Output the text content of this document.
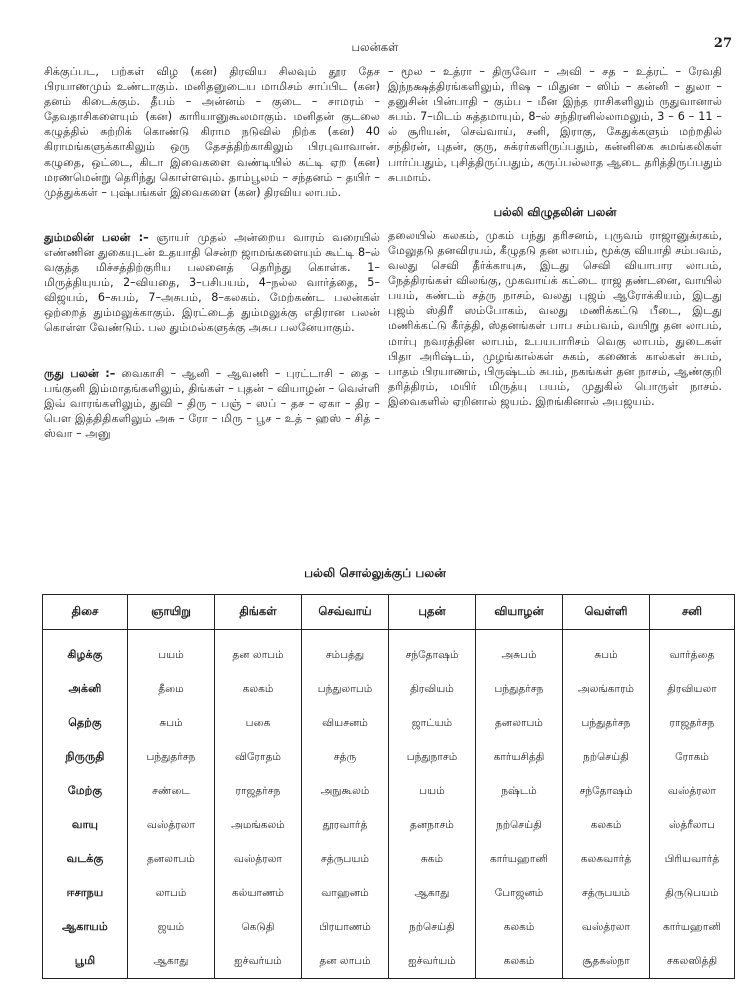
பலன்கள்	27

சிக்குப்பட, பற்கள் விழ (கன) திரவிய சிலவும் தூர தேச பிரயாணமும் உண்டாகும். மனிதனுடைய மாமிசம் சாப்பிட (கன) தனம் கிடைக்கும். தீபம் – அன்னம் – குடை – சாமரம் – தேவதாசிகளையும் (கன) காரியானுகூலமாகும். மனிதன் குடலை கழுத்தில் சுற்றிக் கொண்டு கிராம நடுவில் நிற்க (கன) 40 கிராமங்களுக்காகிலும் ஒரு தேசத்திற்காகிலும் பிரபுவாவான். கழுதை, ஒட்டை, கிடா இவைகளை வண்டியில் கட்டி ஏற (கன) மரணமென்று தெரிந்து கொள்ளவும். தாம்பூலம் – சந்தனம் – தயிர் – முத்துக்கள் – புஷ்பங்கள் இவைகளை (கன) திரவிய லாபம்.

தும்மலின் பலன் :– ஞாயர் முதல் அன்றைய வாரம் வரையில் எண்ணின துகையுடன் உதயாதி சென்ற ஜாமங்களையும் கூட்டி 8–ல் வகுத்த மிச்சத்திற்குரிய பலனைத் தெரிந்து கொள்க. 1–மிருத்தியுயம், 2–வியதை, 3–பசிபயம், 4–நல்ல வார்த்தை, 5–விஜயம், 6–சுபம், 7–அசுபம், 8–கலகம். மேற்கண்ட பலன்கள் ஒற்றைத் தும்மலுக்காகும். இரட்டைத் தும்மலுக்கு எதிரான பலன் கொள்ள வேண்டும். பல தும்மல்களுக்கு அசுப பலனேயாகும்.

ருது பலன் :– வைகாசி – ஆனி – ஆவணி – புரட்டாசி – தை – பங்குனி இம்மாதங்களிலும், திங்கள் – புதன் – வியாழன் – வெள்ளி இவ் வாரங்களிலும், துவி – திரு – பஞ் – ஸப் – தச – ஏகா – திர – பௌ இத்திதிகளிலும் அசு – ரோ – மிரு – பூச – உத் – ஹஸ் – சித் – ஸ்வா – அனு

– மூல – உத்ரா – திருவோ – அவி – சத – உத்ரட் – ரேவதி இந்நக்ஷத்திரங்களிலும், ரிஷ – மிதுன – ஸிம் – கன்னி – துலா – தனுசின் பின்பாதி – கும்ப – மீன இந்த ராசிகளிலும் ருதுவானால் சுபம். 7–மிடம் சுத்தமாயும், 8–ல் சந்திரனில்லாமலும், 3 – 6 – 11 –ல் சூரியன், செவ்வாய், சனி, இராகு, கேதுக்களும் மற்றதில் சந்திரன், புதன், குரு, சுக்ரர்களிருப்பதும், கன்னிகை சுமங்கலிகள் பார்ப்பதும், புசித்திருப்பதும், கருப்பல்லாத ஆடை தரித்திருப்பதும் சுபமாம்.

பல்லி விழுதலின் பலன்

தலையில் கலகம், முகம் பந்து தரிசனம், புருவம் ராஜானுக்ரகம், மேலுதடு தனவிரயம், கீழுதடு தன லாபம், மூக்கு வியாதி சம்பவம், வலது செவி தீர்க்காயுசு, இடது செவி வியாபார லாபம், நேத்திரங்கள் விலங்கு, முகவாய்க் கட்டை ராஜ தண்டனை, வாயில் பயம், கண்டம் சத்ரு நாசம், வலது புஜம் ஆரோக்கியம், இடது புஜம் ஸ்திரீ ஸம்போகம், வலது மணிக்கட்டு பீடை, இடது மணிக்கட்டு கீர்த்தி, ஸ்தனங்கள் பாப சம்பவம், வயிறு தன லாபம், மார்பு நவரத்தின லாபம், உபயபாரிசம் வெகு லாபம், துடைகள் பிதா அரிஷ்டம், முழங்கால்கள் சுகம், கணைக் கால்கள் சுபம், பாதம் பிரயாணம், பிருஷ்டம் சுபம், நகங்கள் தன நாசம், ஆண்குறி தரித்திரம், மயிர் மிருத்யு பயம், முதுகில் பொருள் நாசம். இவைகளில் ஏறினால் ஜயம். இறங்கினால் அபஜயம்.

பல்லி சொல்லுக்குப் பலன்
திசை	ஞாயிறு	திங்கள்	செவ்வாய்	புதன்	வியாழன்	வெள்ளி	சனி
கிழக்கு	பயம்	தன லாபம்	சம்பத்து	சந்தோஷம்	அசுபம்	சுபம்	வார்த்தை
அக்னி	தீமை	கலகம்	பந்துலாபம்	திரவியம்	பந்துதர்சந	அலங்காரம்	திரவியலா
தெற்கு	சுபம்	பகை	வியசனம்	ஜாட்யம்	தனலாபம்	பந்துதர்சந	ராஜதர்சந
நிருருதி	பந்துதர்சந	விரோதம்	சத்ரு	பந்துநாசம்	கார்யசித்தி	நற்செய்தி	ரோகம்
மேற்கு	சண்டை	ராஜதர்சந	அநுகூலம்	பயம்	நஷ்டம்	சந்தோஷம்	வஸ்த்ரலா
வாயு	வஸ்த்ரலா	அமங்கலம்	தூரவார்த்	தனநாசம்	நற்செய்தி	கலகம்	ஸ்த்ரீலாப
வடக்கு	தனலாபம்	வஸ்த்ரலா	சத்ருபயம்	சுகம்	கார்யஹானி	கலகவார்த்	பிரியவார்த்
ஈசாநய	லாபம்	கல்யாணம்	வாஹனம்	ஆகாது	போஜனம்	சத்ருபயம்	திருடுபயம்
ஆகாயம்	ஜயம்	கெடுதி	பிரயாணம்	நற்செய்தி	கலகம்	வஸ்த்ரலா	கார்யஹானி
பூமி	ஆகாது	ஐச்வர்யம்	தன லாபம்	ஐச்வர்யம்	கலகம்	சூதகஸ்நா	சகலஸித்தி
